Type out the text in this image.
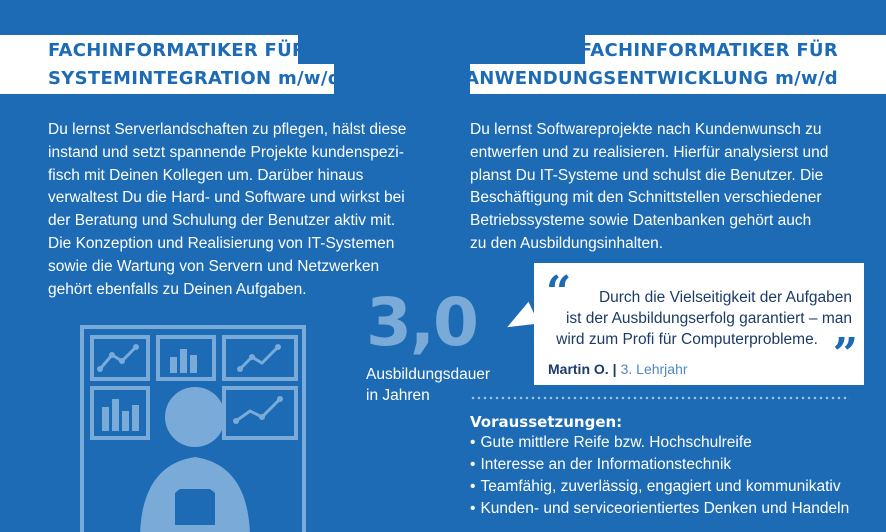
FACHINFORMATIKER FÜR
SYSTEMINTEGRATION m/w/d
FACHINFORMATIKER FÜR
ANWENDUNGSENTWICKLUNG m/w/d
Du lernst Serverlandschaften zu pflegen, hälst diese
instand und setzt spannende Projekte kundenspezi-
fisch mit Deinen Kollegen um. Darüber hinaus
verwaltest Du die Hard- und Software und wirkst bei
der Beratung und Schulung der Benutzer aktiv mit.
Die Konzeption und Realisierung von IT-Systemen
sowie die Wartung von Servern und Netzwerken
gehört ebenfalls zu Deinen Aufgaben.
Du lernst Softwareprojekte nach Kundenwunsch zu
entwerfen und zu realisieren. Hierfür analysierst und
planst Du IT-Systeme und schulst die Benutzer. Die
Beschäftigung mit den Schnittstellen verschiedener
Betriebssysteme sowie Datenbanken gehört auch
zu den Ausbildungsinhalten.
3,0
Ausbildungsdauer
in Jahren
“	Durch die Vielseitigkeit der Aufgaben
ist der Ausbildungserfolg garantiert – man
wird zum Profi für Computerprobleme. ”
Martin O. | 3. Lehrjahr
Voraussetzungen:
• Gute mittlere Reife bzw. Hochschulreife
• Interesse an der Informationstechnik
• Teamfähig, zuverlässig, engagiert und kommunikativ
• Kunden- und serviceorientiertes Denken und Handeln
